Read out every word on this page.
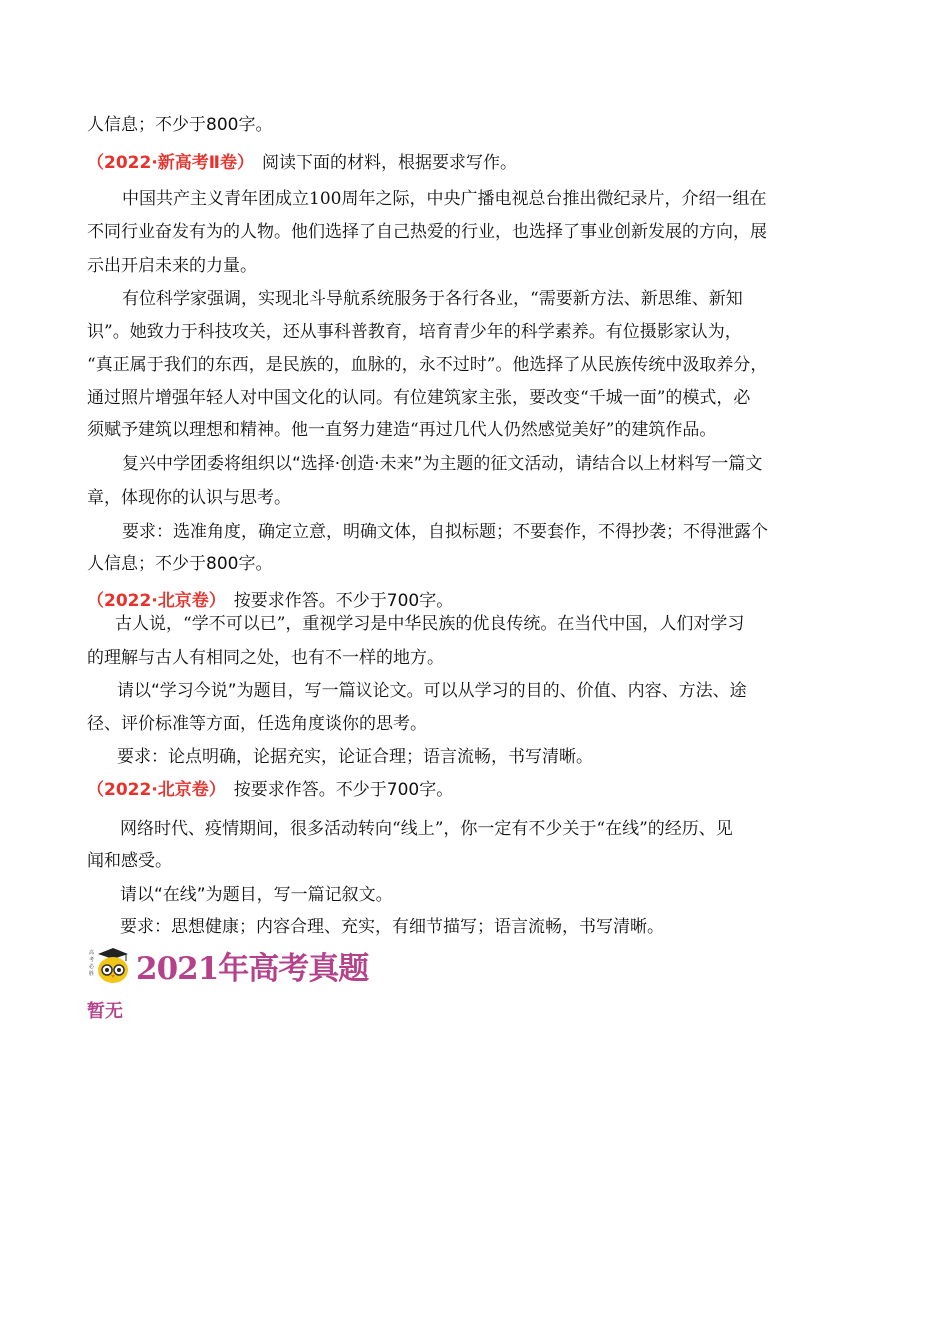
人信息；不少于800字。
（2022·新高考Ⅱ卷） 阅读下面的材料，根据要求写作。
中国共产主义青年团成立100周年之际，中央广播电视总台推出微纪录片，介绍一组在
不同行业奋发有为的人物。他们选择了自己热爱的行业，也选择了事业创新发展的方向，展
示出开启未来的力量。
有位科学家强调，实现北斗导航系统服务于各行各业，“需要新方法、新思维、新知
识”。她致力于科技攻关，还从事科普教育，培育青少年的科学素养。有位摄影家认为，
“真正属于我们的东西，是民族的，血脉的，永不过时”。他选择了从民族传统中汲取养分，
通过照片增强年轻人对中国文化的认同。有位建筑家主张，要改变“千城一面”的模式，必
须赋予建筑以理想和精神。他一直努力建造“再过几代人仍然感觉美好”的建筑作品。
复兴中学团委将组织以“选择·创造·未来”为主题的征文活动，请结合以上材料写一篇文
章，体现你的认识与思考。
要求：选准角度，确定立意，明确文体，自拟标题；不要套作，不得抄袭；不得泄露个
人信息；不少于800字。
（2022·北京卷） 按要求作答。不少于700字。
古人说，“学不可以已”，重视学习是中华民族的优良传统。在当代中国，人们对学习
的理解与古人有相同之处，也有不一样的地方。
请以“学习今说”为题目，写一篇议论文。可以从学习的目的、价值、内容、方法、途
径、评价标准等方面，任选角度谈你的思考。
要求：论点明确，论据充实，论证合理；语言流畅，书写清晰。
（2022·北京卷） 按要求作答。不少于700字。
网络时代、疫情期间，很多活动转向“线上”，你一定有不少关于“在线”的经历、见
闻和感受。
请以“在线”为题目，写一篇记叙文。
要求：思想健康；内容合理、充实，有细节描写；语言流畅，书写清晰。
高
考
必
胜 2021年高考真题
暂无
